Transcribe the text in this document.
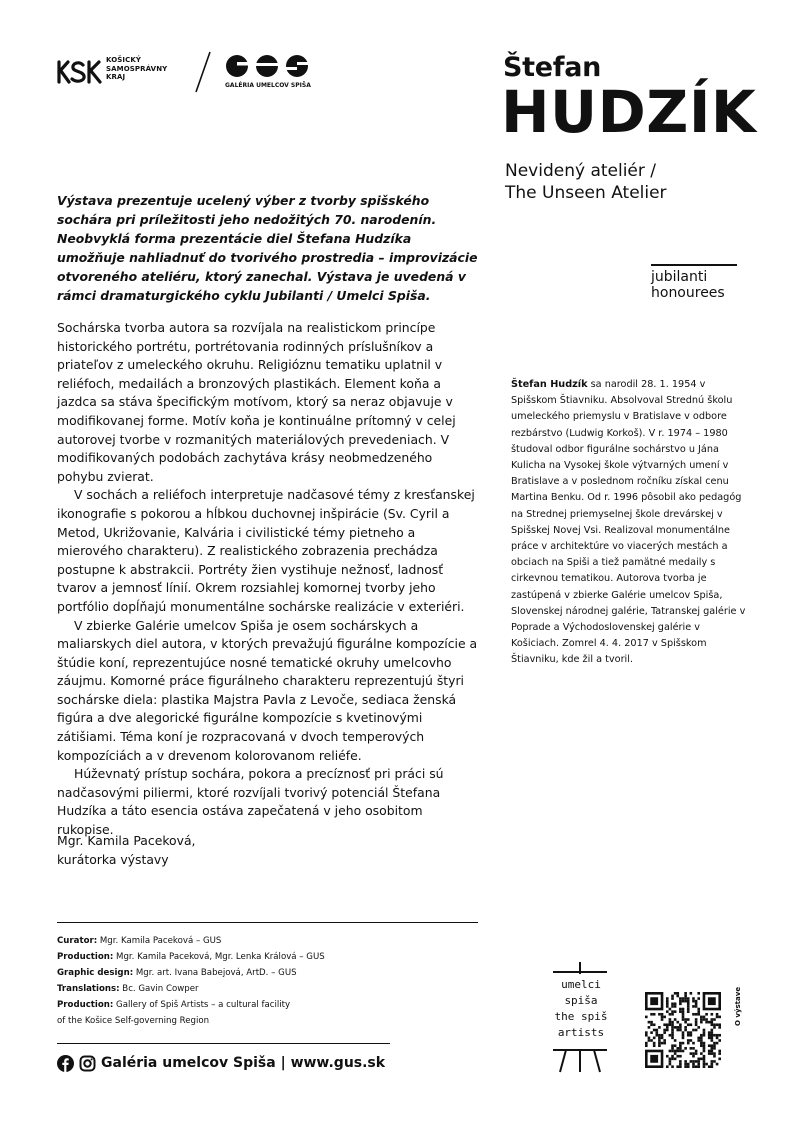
KOŠICKÝ
SAMOSPRÁVNY
KRAJ
GALÉRIA UMELCOV SPIŠA
Štefan
HUDZÍK
Nevidený ateliér /
The Unseen Atelier
jubilanti
honourees
Výstava prezentuje ucelený výber z tvorby spišského sochára pri príležitosti jeho nedožitých 70. narodenín. Neobvyklá forma prezentácie diel Štefana Hudzíka umožňuje nahliadnuť do tvorivého prostredia – improvizácie otvoreného ateliéru, ktorý zanechal. Výstava je uvedená v rámci dramaturgického cyklu Jubilanti / Umelci Spiša.

Sochárska tvorba autora sa rozvíjala na realistickom princípe historického portrétu, portrétovania rodinných príslušníkov a priateľov z umeleckého okruhu. Religióznu tematiku uplatnil v reliéfoch, medailách a bronzových plastikách. Element koňa a jazdca sa stáva špecifickým motívom, ktorý sa neraz objavuje v modifikovanej forme. Motív koňa je kontinuálne prítomný v celej autorovej tvorbe v rozmanitých materiálových prevedeniach. V modifikovaných podobách zachytáva krásy neobmedzeného pohybu zvierat.

V sochách a reliéfoch interpretuje nadčasové témy z kresťanskej ikonografie s pokorou a hĺbkou duchovnej inšpirácie (Sv. Cyril a Metod, Ukrižovanie, Kalvária i civilistické témy pietneho a mierového charakteru). Z realistického zobrazenia prechádza postupne k abstrakcii. Portréty žien vystihuje nežnosť, ladnosť tvarov a jemnosť línií. Okrem rozsiahlej komornej tvorby jeho portfólio dopĺňajú monumentálne sochárske realizácie v exteriéri.

V zbierke Galérie umelcov Spiša je osem sochárskych a maliarskych diel autora, v ktorých prevažujú figurálne kompozície a štúdie koní, reprezentujúce nosné tematické okruhy umelcovho záujmu. Komorné práce figurálneho charakteru reprezentujú štyri sochárske diela: plastika Majstra Pavla z Levoče, sediaca ženská figúra a dve alegorické figurálne kompozície s kvetinovými zátišiami. Téma koní je rozpracovaná v dvoch temperových kompozíciách a v drevenom kolorovanom reliéfe.

Húževnatý prístup sochára, pokora a precíznosť pri práci sú nadčasovými piliermi, ktoré rozvíjali tvorivý potenciál Štefana Hudzíka a táto esencia ostáva zapečatená v jeho osobitom rukopise.

Mgr. Kamila Paceková,
kurátorka výstavy
Štefan Hudzík sa narodil 28. 1. 1954 v Spišskom Štiavniku. Absolvoval Strednú školu umeleckého priemyslu v Bratislave v odbore rezbárstvo (Ludwig Korkoš). V r. 1974 – 1980 študoval odbor figurálne sochárstvo u Jána Kulicha na Vysokej škole výtvarných umení v Bratislave a v poslednom ročníku získal cenu Martina Benku. Od r. 1996 pôsobil ako pedagóg na Strednej priemyselnej škole drevárskej v Spišskej Novej Vsi. Realizoval monumentálne práce v architektúre vo viacerých mestách a obciach na Spiši a tiež pamätné medaily s cirkevnou tematikou. Autorova tvorba je zastúpená v zbierke Galérie umelcov Spiša, Slovenskej národnej galérie, Tatranskej galérie v Poprade a Východoslovenskej galérie v Košiciach. Zomrel 4. 4. 2017 v Spišskom Štiavniku, kde žil a tvoril.
Curator: Mgr. Kamila Paceková – GUS
Production: Mgr. Kamila Paceková, Mgr. Lenka Králová – GUS
Graphic design: Mgr. art. Ivana Babejová, ArtD. – GUS
Translations: Bc. Gavin Cowper
Production: Gallery of Spiš Artists – a cultural facility
of the Košice Self-governing Region
Galéria umelcov Spiša | www.gus.sk
umelci
spiša
the spiš
artists
O výstave
